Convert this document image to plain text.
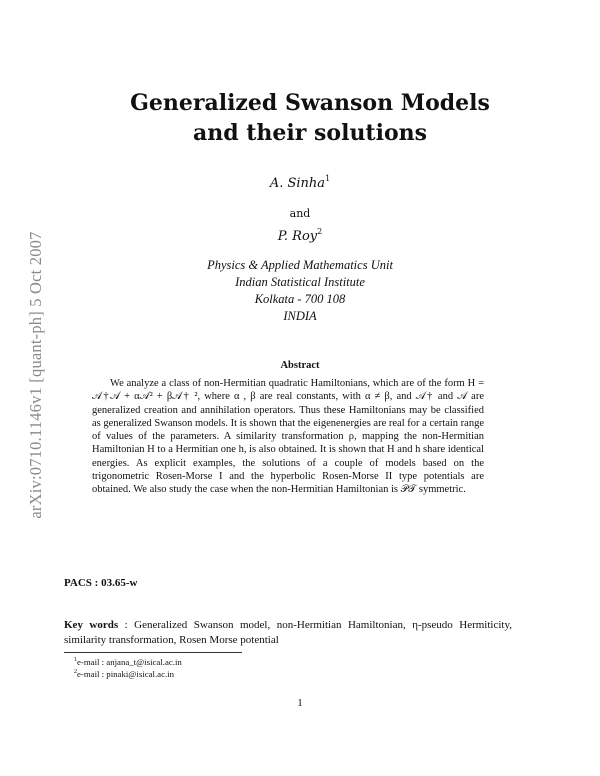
arXiv:0710.1146v1 [quant-ph] 5 Oct 2007
Generalized Swanson Models
and their solutions
A. Sinha$^1$
and
P. Roy$^2$
Physics & Applied Mathematics Unit
Indian Statistical Institute
Kolkata - 700 108
INDIA
Abstract
We analyze a class of non-Hermitian quadratic Hamiltonians, which are of the form H = 𝒜†𝒜 + α𝒜² + β𝒜† ², where α , β are real constants, with α ≠ β, and 𝒜† and 𝒜 are generalized creation and annihilation operators. Thus these Hamiltonians may be classified as generalized Swanson models. It is shown that the eigenenergies are real for a certain range of values of the parameters. A similarity transformation ρ, mapping the non-Hermitian Hamiltonian H to a Hermitian one h, is also obtained. It is shown that H and h share identical energies. As explicit examples, the solutions of a couple of models based on the trigonometric Rosen-Morse I and the hyperbolic Rosen-Morse II type potentials are obtained. We also study the case when the non-Hermitian Hamiltonian is 𝒫𝒯 symmetric.
PACS : 03.65-w
Key words : Generalized Swanson model, non-Hermitian Hamiltonian, η-pseudo Hermiticity, similarity transformation, Rosen Morse potential
$^1$e-mail : anjana_t@isical.ac.in
$^2$e-mail : pinaki@isical.ac.in
1
